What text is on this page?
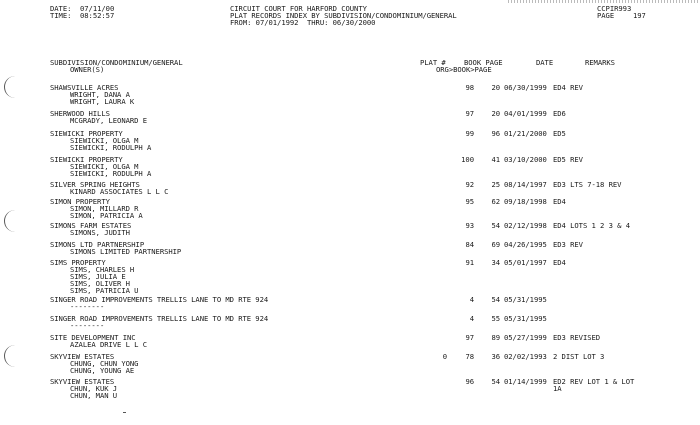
DATE: 07/11/00
TIME: 08:52:57
CIRCUIT COURT FOR HARFORD COUNTY
PLAT RECORDS INDEX BY SUBDIVISION/CONDOMINIUM/GENERAL
FROM: 07/01/1992  THRU: 06/30/2000
CCPIR993
PAGE	197
SUBDIVISION/CONDOMINIUM/GENERAL
OWNER(S)
PLAT #	BOOK PAGE
ORG>BOOK>PAGE
DATE	REMARKS
SHAWSVILLE ACRES
WRIGHT, DANA A
WRIGHT, LAURA K
98 20 06/30/1999 ED4 REV
SHERWOOD HILLS
MCGRADY, LEONARD E
97 20 04/01/1999 ED6
SIEWICKI PROPERTY
SIEWICKI, OLGA M
SIEWICKI, RODULPH A
99 96 01/21/2000 ED5
SIEWICKI PROPERTY
SIEWICKI, OLGA M
SIEWICKI, RODULPH A
100 41 03/10/2000 ED5 REV
SILVER SPRING HEIGHTS
KINARD ASSOCIATES L L C
92 25 08/14/1997 ED3 LTS 7-18 REV
SIMON PROPERTY
SIMON, MILLARD R
SIMON, PATRICIA A
95 62 09/18/1998 ED4
SIMONS FARM ESTATES
SIMONS, JUDITH
93 54 02/12/1998 ED4 LOTS 1 2 3 & 4
SIMONS LTD PARTNERSHIP
SIMONS LIMITED PARTNERSHIP
84 69 04/26/1995 ED3 REV
SIMS PROPERTY
SIMS, CHARLES H
SIMS, JULIA E
SIMS, OLIVER H
SIMS, PATRICIA U
91 34 05/01/1997 ED4
SINGER ROAD IMPROVEMENTS TRELLIS LANE TO MD RTE 924
--------
4 54 05/31/1995
SINGER ROAD IMPROVEMENTS TRELLIS LANE TO MD RTE 924
--------
4 55 05/31/1995
SITE DEVELOPMENT INC
AZALEA DRIVE L L C
97 89 05/27/1999 ED3 REVISED
SKYVIEW ESTATES
CHUNG, CHUN YONG
CHUNG, YOUNG AE
0	78 36 02/02/1993 2 DIST LOT 3
SKYVIEW ESTATES
CHUN, KUK J
CHUN, MAN U
96 54 01/14/1999 ED2 REV LOT 1 & LOT
1A
